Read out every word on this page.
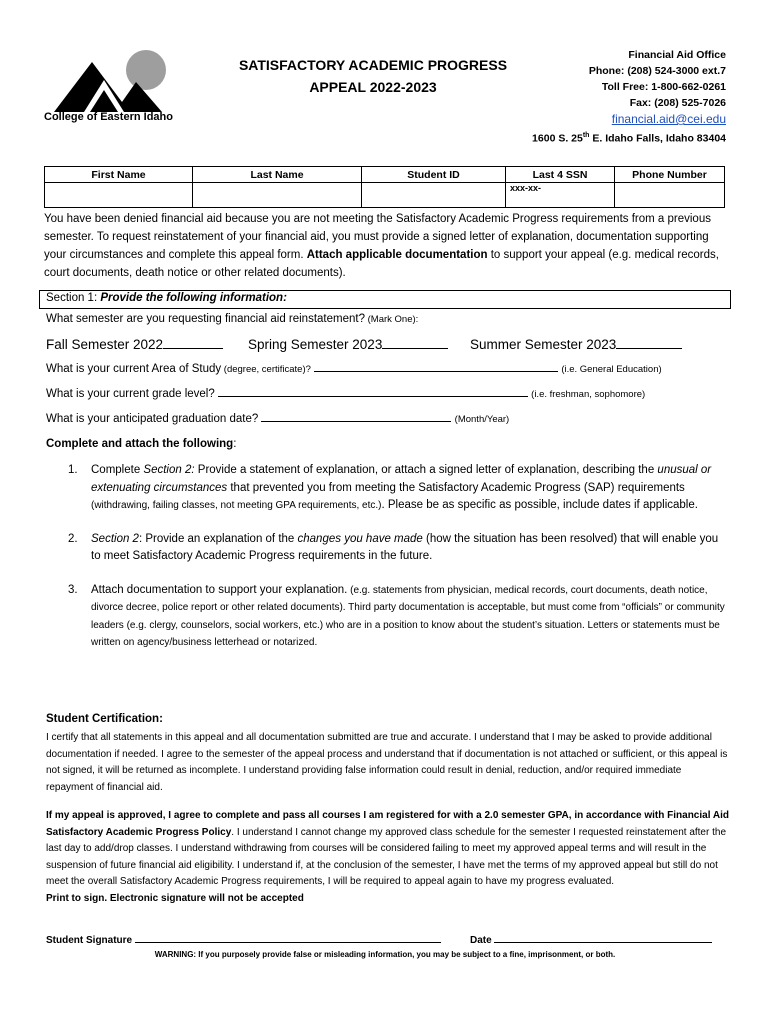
College of Eastern Idaho
SATISFACTORY ACADEMIC PROGRESS
APPEAL 2022-2023
Financial Aid Office
Phone: (208) 524-3000 ext.7
Toll Free: 1-800-662-0261
Fax: (208) 525-7026
financial.aid@cei.edu
1600 S. 25th E. Idaho Falls, Idaho 83404
First Name	Last Name	Student ID	Last 4 SSN	Phone Number
			xxx-xx-	
You have been denied financial aid because you are not meeting the Satisfactory Academic Progress requirements from a previous semester. To request reinstatement of your financial aid, you must provide a signed letter of explanation, documentation supporting your circumstances and complete this appeal form. Attach applicable documentation to support your appeal (e.g. medical records, court documents, death notice or other related documents).
Section 1: Provide the following information:
What semester are you requesting financial aid reinstatement? (Mark One):
Fall Semester 2022	Spring Semester 2023	Summer Semester 2023
What is your current Area of Study (degree, certificate)?	(i.e. General Education)
What is your current grade level?	(i.e. freshman, sophomore)
What is your anticipated graduation date?	(Month/Year)
Complete and attach the following:
1. Complete Section 2: Provide a statement of explanation, or attach a signed letter of explanation, describing the unusual or extenuating circumstances that prevented you from meeting the Satisfactory Academic Progress (SAP) requirements (withdrawing, failing classes, not meeting GPA requirements, etc.). Please be as specific as possible, include dates if applicable.
2. Section 2: Provide an explanation of the changes you have made (how the situation has been resolved) that will enable you to meet Satisfactory Academic Progress requirements in the future.
3. Attach documentation to support your explanation. (e.g. statements from physician, medical records, court documents, death notice, divorce decree, police report or other related documents). Third party documentation is acceptable, but must come from “officials” or community leaders (e.g. clergy, counselors, social workers, etc.) who are in a position to know about the student’s situation. Letters or statements must be written on agency/business letterhead or notarized.
Student Certification:
I certify that all statements in this appeal and all documentation submitted are true and accurate. I understand that I may be asked to provide additional documentation if needed. I agree to the semester of the appeal process and understand that if documentation is not attached or sufficient, or this appeal is not signed, it will be returned as incomplete. I understand providing false information could result in denial, reduction, and/or required immediate repayment of financial aid.
If my appeal is approved, I agree to complete and pass all courses I am registered for with a 2.0 semester GPA, in accordance with Financial Aid Satisfactory Academic Progress Policy. I understand I cannot change my approved class schedule for the semester I requested reinstatement after the last day to add/drop classes. I understand withdrawing from courses will be considered failing to meet my approved appeal terms and will result in the suspension of future financial aid eligibility. I understand if, at the conclusion of the semester, I have met the terms of my approved appeal but still do not meet the overall Satisfactory Academic Progress requirements, I will be required to appeal again to have my progress evaluated.
Print to sign. Electronic signature will not be accepted
Student Signature	Date
WARNING: If you purposely provide false or misleading information, you may be subject to a fine, imprisonment, or both.
